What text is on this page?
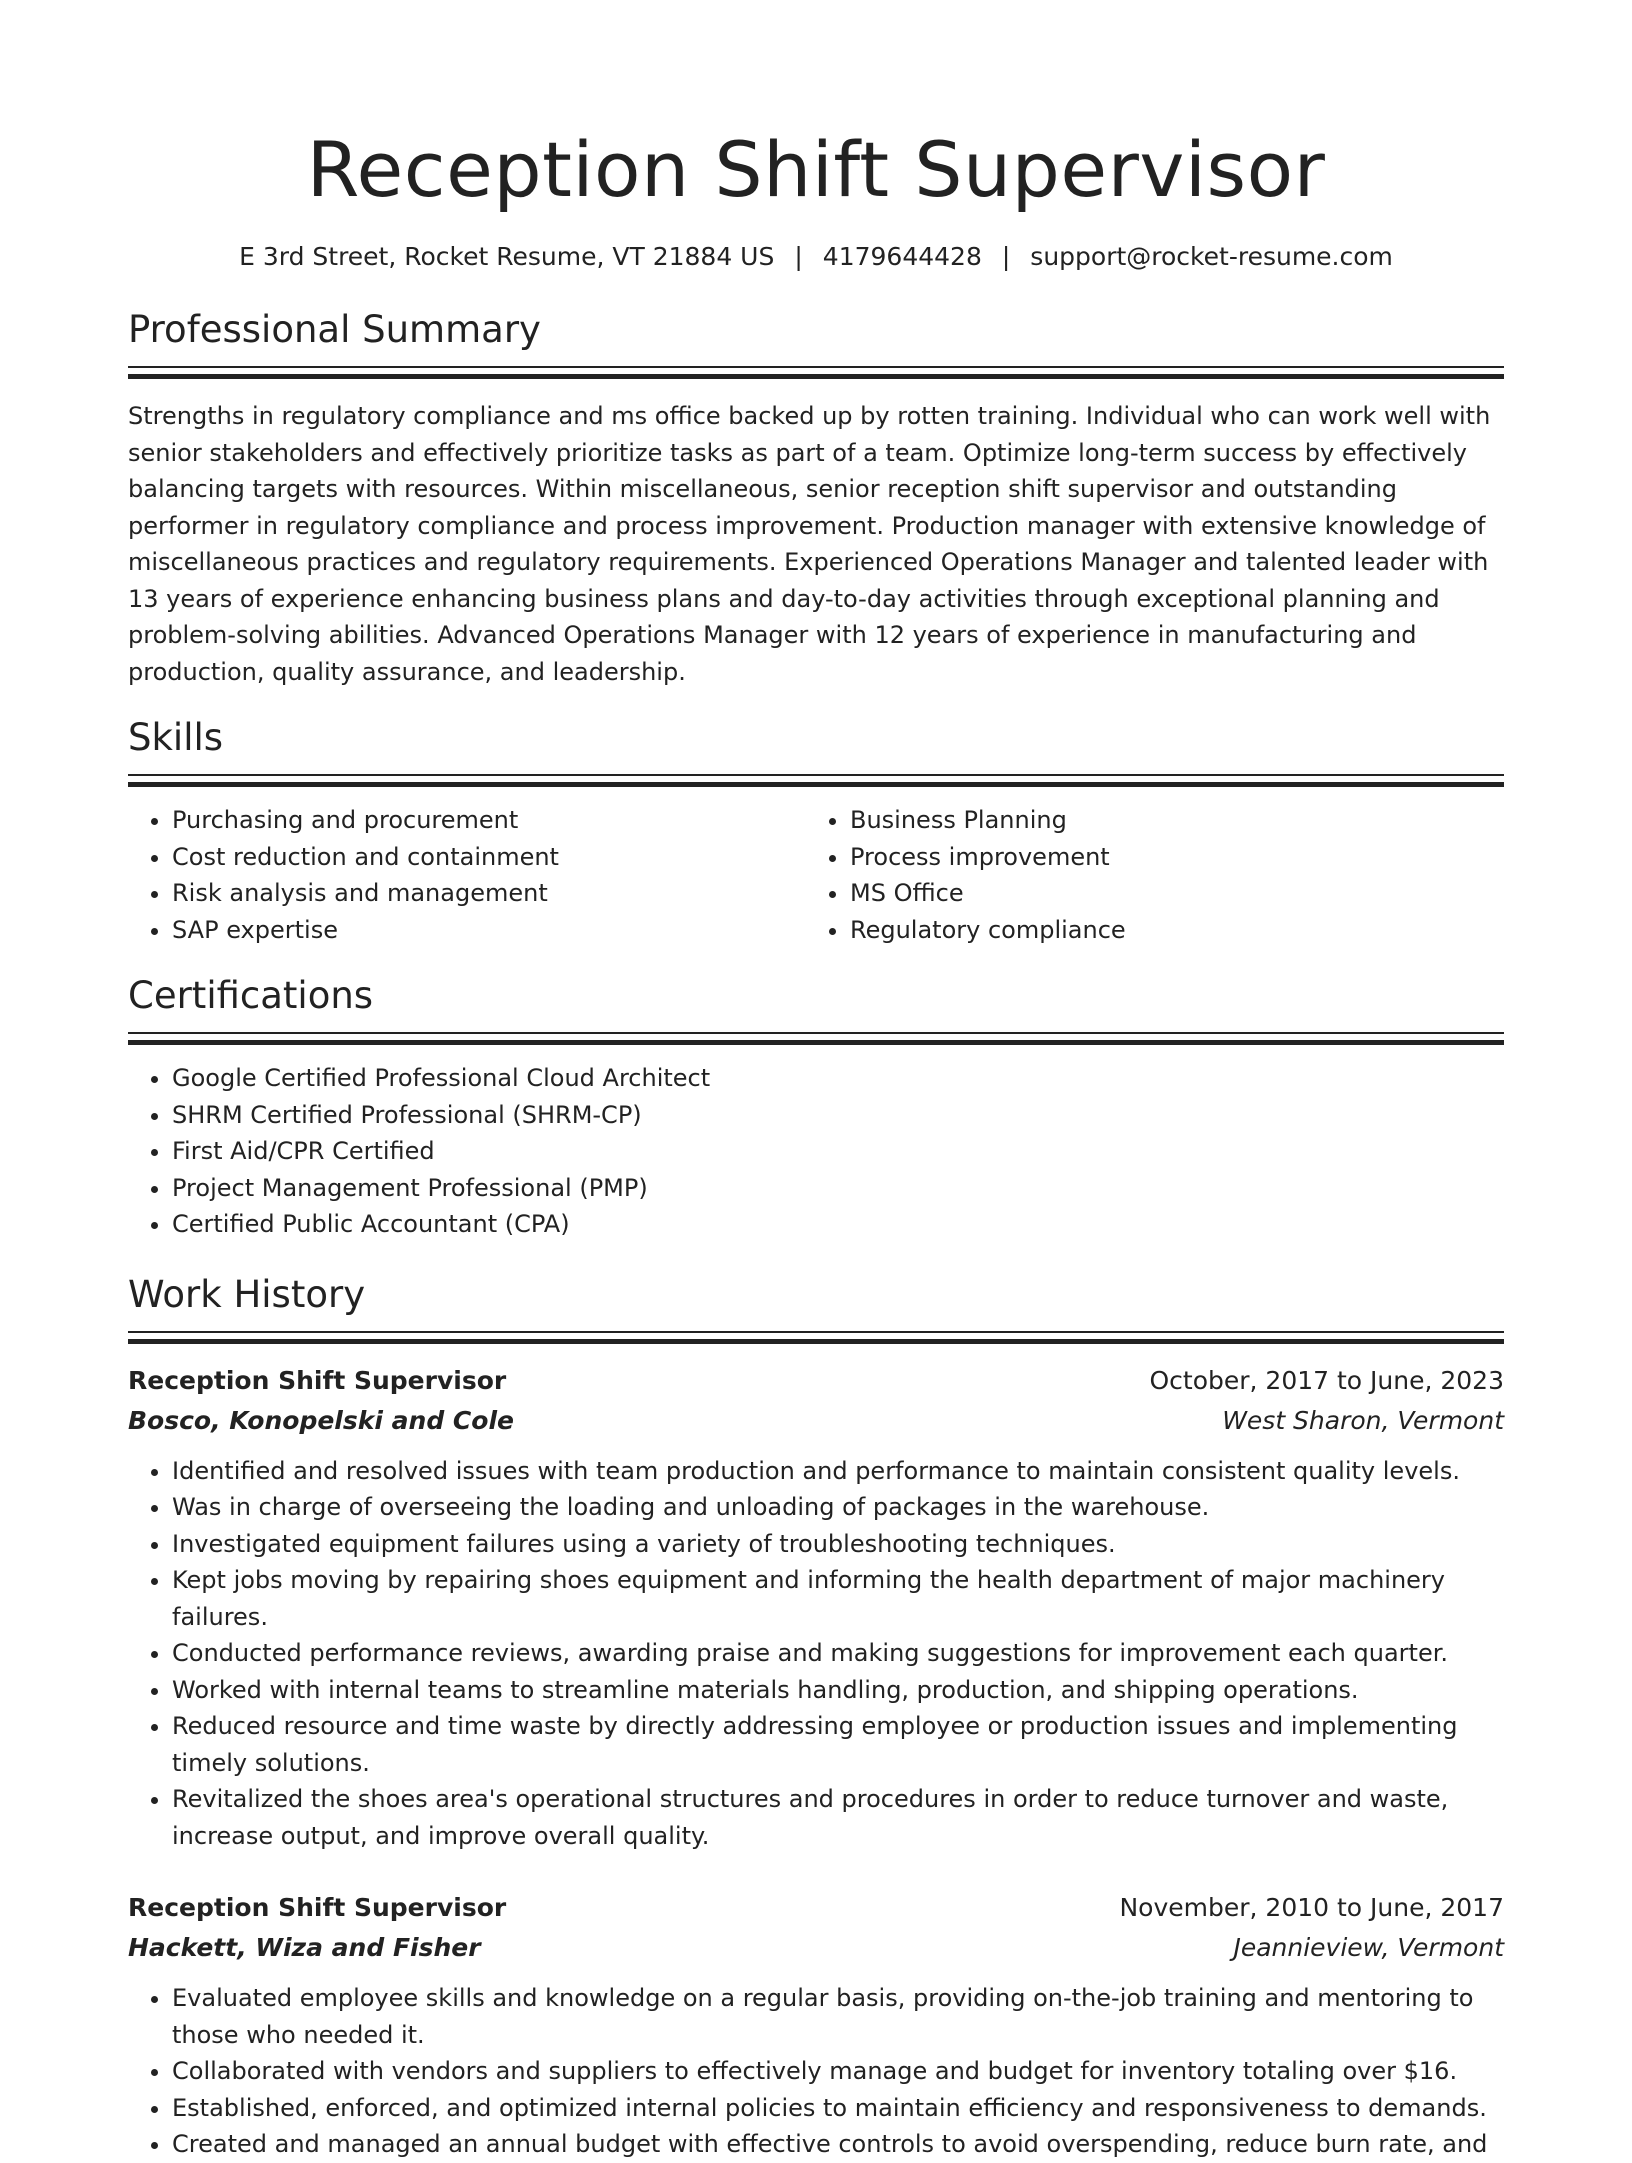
Reception Shift Supervisor
E 3rd Street, Rocket Resume, VT 21884 US | 4179644428 | support@rocket-resume.com
Professional Summary
Strengths in regulatory compliance and ms office backed up by rotten training. Individual who can work well with senior stakeholders and effectively prioritize tasks as part of a team. Optimize long-term success by effectively balancing targets with resources. Within miscellaneous, senior reception shift supervisor and outstanding performer in regulatory compliance and process improvement. Production manager with extensive knowledge of miscellaneous practices and regulatory requirements. Experienced Operations Manager and talented leader with 13 years of experience enhancing business plans and day-to-day activities through exceptional planning and problem-solving abilities. Advanced Operations Manager with 12 years of experience in manufacturing and production, quality assurance, and leadership.
Skills
• Purchasing and procurement
• Cost reduction and containment
• Risk analysis and management
• SAP expertise
• Business Planning
• Process improvement
• MS Office
• Regulatory compliance
Certifications
• Google Certified Professional Cloud Architect
• SHRM Certified Professional (SHRM-CP)
• First Aid/CPR Certified
• Project Management Professional (PMP)
• Certified Public Accountant (CPA)
Work History
Reception Shift Supervisor	October, 2017 to June, 2023
Bosco, Konopelski and Cole	West Sharon, Vermont
• Identified and resolved issues with team production and performance to maintain consistent quality levels.
• Was in charge of overseeing the loading and unloading of packages in the warehouse.
• Investigated equipment failures using a variety of troubleshooting techniques.
• Kept jobs moving by repairing shoes equipment and informing the health department of major machinery failures.
• Conducted performance reviews, awarding praise and making suggestions for improvement each quarter.
• Worked with internal teams to streamline materials handling, production, and shipping operations.
• Reduced resource and time waste by directly addressing employee or production issues and implementing timely solutions.
• Revitalized the shoes area's operational structures and procedures in order to reduce turnover and waste, increase output, and improve overall quality.
Reception Shift Supervisor	November, 2010 to June, 2017
Hackett, Wiza and Fisher	Jeannieview, Vermont
• Evaluated employee skills and knowledge on a regular basis, providing on-the-job training and mentoring to those who needed it.
• Collaborated with vendors and suppliers to effectively manage and budget for inventory totaling over $16.
• Established, enforced, and optimized internal policies to maintain efficiency and responsiveness to demands.
• Created and managed an annual budget with effective controls to avoid overspending, reduce burn rate, and
